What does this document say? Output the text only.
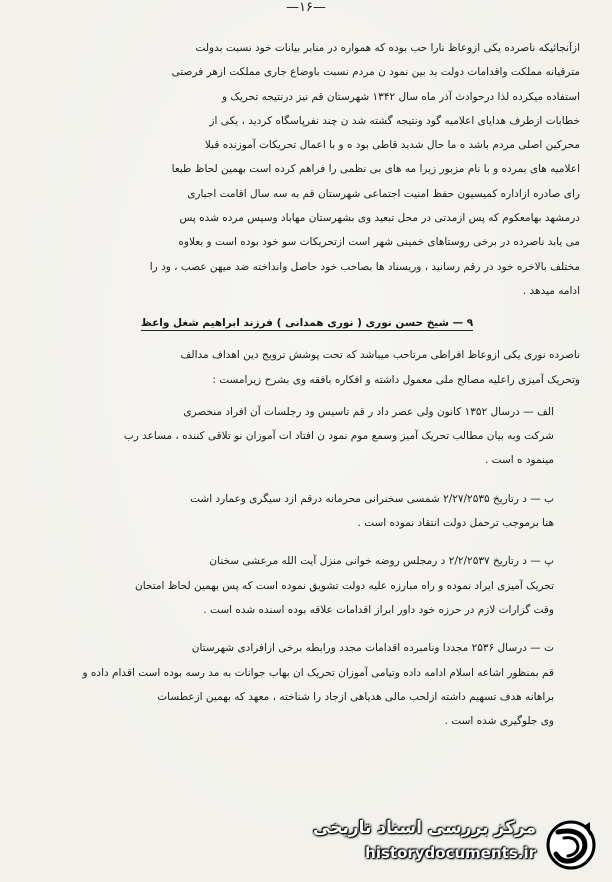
—١۶—
ازآنجائیکه ناصرده یکی ازوعاظ نارا حب بوده که همواره در منابر بیانات خود نسبت بدولت
مترقیانه مملکت واقدامات دولت بد بین نمود ن مردم نسبت باوضاع جاری مملکت ازهر فرصتی
استفاده میکرده لذا درحوادث آذر ماه سال ۱۳۴۲ شهرستان قم نیز درنتیجه تحریک و
خطابات ازطرف هدایای اعلامیه گود ونتیجه گشته شد ن چند نفرپاسگاه کردید ، یکی از
محرکین اصلی مردم باشد ه ما حال شدید قاطی بود ه و با اعمال تحریکات آموزنده قبلا
اعلامیه های بمرده و با نام مزبور زیرا مه های بی نظمی را فراهم کرده است بهمین لحاظ طبعا
رای صادره ازاداره کمیسیون حفظ امنیت اجتماعی شهرستان قم به سه سال اقامت اجباری
درمشهد بهامعکوم که پس ازمدتی در محل تبعید وی بشهرستان مهاباد وسپس مرده شده پس
می یابد ناصرده در برخی روستاهای خمینی شهر است ازتحریکات سو خود بوده است و بعلاوه
مختلف بالاخره خود در رقم رسانید ، وریسناد ها بصاحب خود حاصل وانداخته ضد میهن عصب ، ود را
ادامه میدهد .
۹ — شیخ حسن نوری ( نوری همدانی ) فرزند ابراهیم شغل واعظ
ناصرده نوری یکی ازوعاظ افراطی مرتاحب میباشد که تحت پوشش ترویج دین اهداف مدالف
وتحریک آمیزی راعلیه مصالح ملی معمول داشته و افکاره بافقه وی بشرح زیرامست :
الف — درسال ۱۳۵۲ کانون ولی عصر داد ر قم تاسیس ود رجلسات آن افراد منحصری
شرکت وبه بیان مطالب تحریک آمیز وسمع موم نمود ن افتاد ات آموزان نو تلاقی کننده ، مساعد رب
مینمود ه است .
ب — د رتاریخ ۲/۲۷/۲۵۳۵ شمسی سخنرانی محرمانه درقم ازد سیگری وعمارد اشت
هنا برموجب ترحمل دولت انتقاد نموده است .
پ — د رتاریخ ۲/۲/۲۵۳۷ د رمجلس روضه خوانی منزل آیت الله مرعشی سخنان
تحریک آمیزی ایراد نموده و راه مبارزه علیه دولت تشویق نموده است که پس بهمین لحاظ امتحان
وقت گزارات لازم در حرزه خود داور ابراز اقدامات علاقه بوده اسنده شده است .
ت — درسال ۲۵۳۶ مجددا ونامبرده اقدامات مجدد ورابطه برخی ازافرادی شهرستان
قم بمنظور اشاعه اسلام ادامه داده وتیامی آموزان تحریک ان بهاب جوانات به مد رسه بوده است اقدام داده و
براهانه هدف تسهیم داشته ازلحب مالی هدیاهی ازجاد را شناخته ، معهد که بهمین ازعطسات
وی جلوگیری شده است .
مرکز بررسی اسناد تاریخی
historydocuments.ir
